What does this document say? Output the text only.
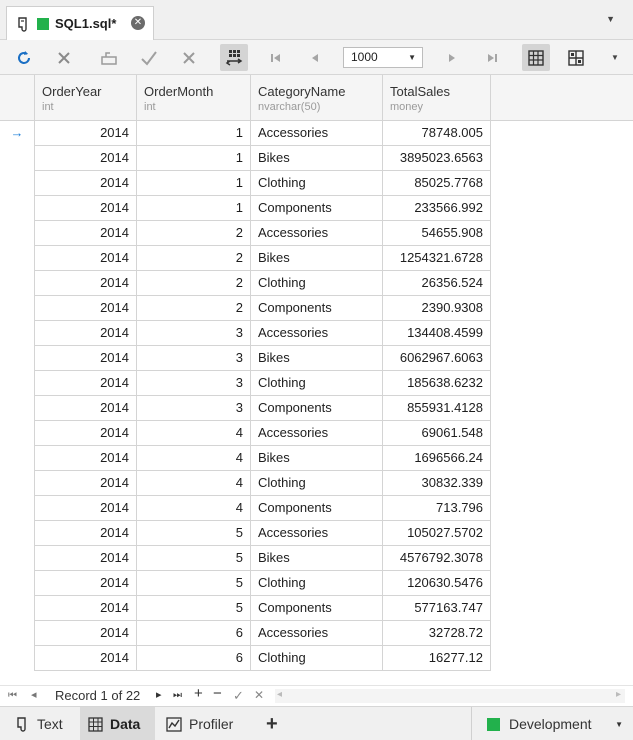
SQL1.sql* ✕	▼
1000	▼	▼
OrderYear
int
OrderMonth
int
CategoryName
nvarchar(50)
TotalSales
money
→	2014	1	Accessories	78748.005
2014	1	Bikes	3895023.6563
2014	1	Clothing	85025.7768
2014	1	Components	233566.992
2014	2	Accessories	54655.908
2014	2	Bikes	1254321.6728
2014	2	Clothing	26356.524
2014	2	Components	2390.9308
2014	3	Accessories	134408.4599
2014	3	Bikes	6062967.6063
2014	3	Clothing	185638.6232
2014	3	Components	855931.4128
2014	4	Accessories	69061.548
2014	4	Bikes	1696566.24
2014	4	Clothing	30832.339
2014	4	Components	713.796
2014	5	Accessories	105027.5702
2014	5	Bikes	4576792.3078
2014	5	Clothing	120630.5476
2014	5	Components	577163.747
2014	6	Accessories	32728.72
2014	6	Clothing	16277.12
⏮ ◂ Record 1 of 22 ▸ ⏭ + − ✓ ✕ ◂	▸
Text	Data	Profiler	+	Development	▼
